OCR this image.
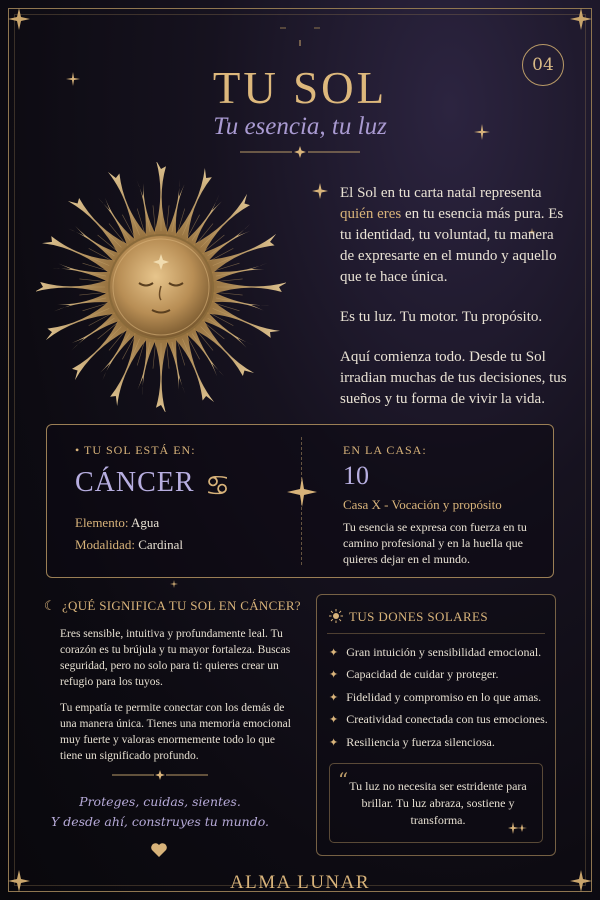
04
TU SOL
Tu esencia, tu luz

El Sol en tu carta natal representa quién eres en tu esencia más pura. Es tu identidad, tu voluntad, tu manera de expresarte en el mundo y aquello que te hace única.

Es tu luz. Tu motor. Tu propósito.

Aquí comienza todo. Desde tu Sol irradian muchas de tus decisiones, tus sueños y tu forma de vivir la vida.

• TU SOL ESTÁ EN:
CÁNCER ♋
Elemento: Agua
Modalidad: Cardinal
EN LA CASA:
10
Casa X - Vocación y propósito
Tu esencia se expresa con fuerza en tu camino profesional y en la huella que quieres dejar en el mundo.
☾ ¿QUÉ SIGNIFICA TU SOL EN CÁNCER?

Eres sensible, intuitiva y profundamente leal. Tu corazón es tu brújula y tu mayor fortaleza. Buscas seguridad, pero no solo para ti: quieres crear un refugio para los tuyos.

Tu empatía te permite conectar con los demás de una manera única. Tienes una memoria emocional muy fuerte y valoras enormemente todo lo que tiene un significado profundo.

Proteges, cuidas, sientes.
Y desde ahí, construyes tu mundo.
TUS DONES SOLARES
✦ Gran intuición y sensibilidad emocional.
✦ Capacidad de cuidar y proteger.
✦ Fidelidad y compromiso en lo que amas.
✦ Creatividad conectada con tus emociones.
✦ Resiliencia y fuerza silenciosa.
“ Tu luz no necesita ser estridente para brillar. Tu luz abraza, sostiene y transforma.
ALMA LUNAR
